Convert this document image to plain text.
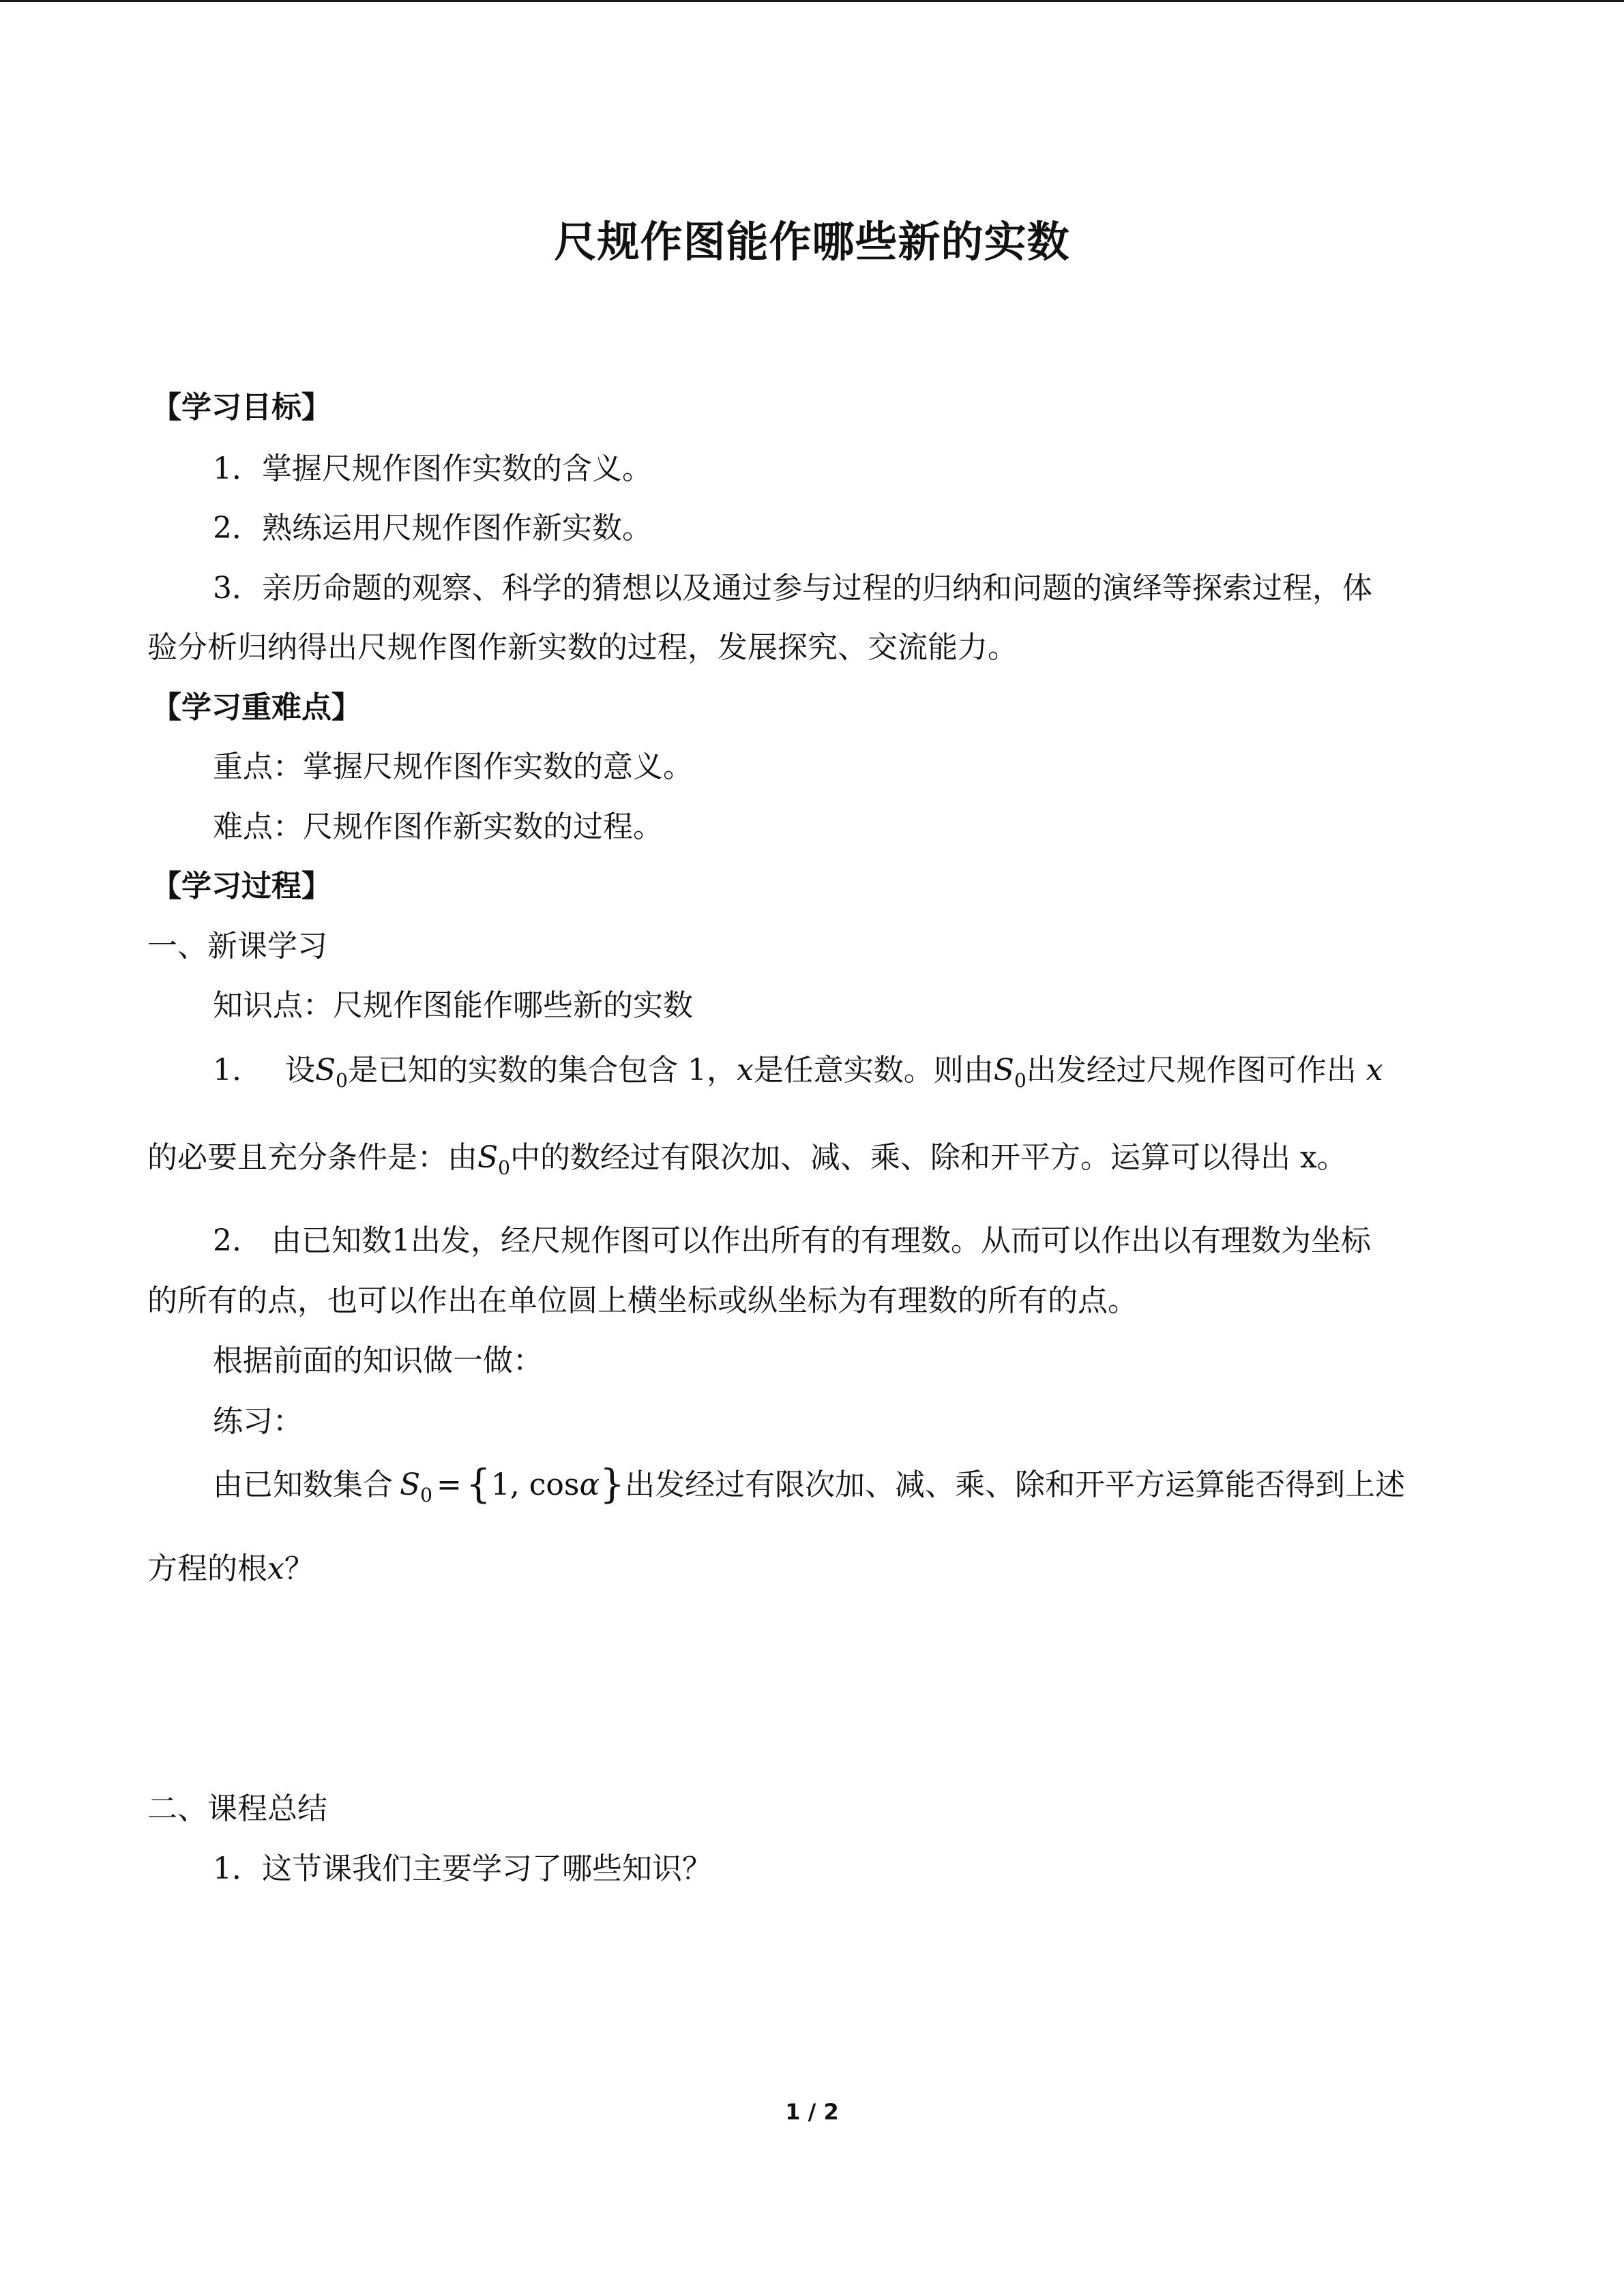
尺规作图能作哪些新的实数
【学习目标】
1．掌握尺规作图作实数的含义。
2．熟练运用尺规作图作新实数。
3．亲历命题的观察、科学的猜想以及通过参与过程的归纳和问题的演绎等探索过程，体
验分析归纳得出尺规作图作新实数的过程，发展探究、交流能力。
【学习重难点】
重点：掌握尺规作图作实数的意义。
难点：尺规作图作新实数的过程。
【学习过程】
一、新课学习
知识点：尺规作图能作哪些新的实数
1. 设$S_0$是已知的实数的集合包含 1，x是任意实数。则由$S_0$出发经过尺规作图可作出 x
的必要且充分条件是：由$S_0$中的数经过有限次加、减、乘、除和开平方。运算可以得出 x。
2.　由已知数1出发，经尺规作图可以作出所有的有理数。从而可以作出以有理数为坐标
的所有的点，也可以作出在单位圆上横坐标或纵坐标为有理数的所有的点。
根据前面的知识做一做：
练习：
由已知数集合 $S_0 = \{1$, cosα}出发经过有限次加、减、乘、除和开平方运算能否得到上述
方程的根x？
二、课程总结
1．这节课我们主要学习了哪些知识？
1 / 2
